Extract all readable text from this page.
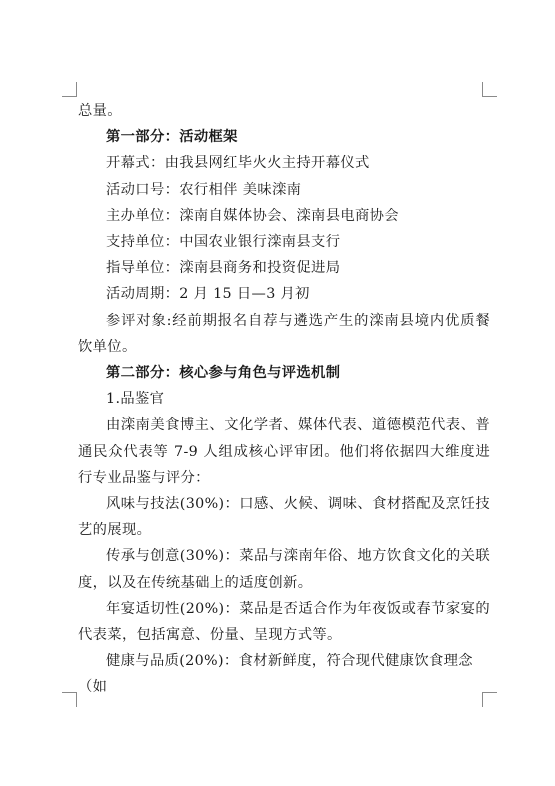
总量。

第一部分：活动框架

开幕式：由我县网红毕火火主持开幕仪式

活动口号：农行相伴 美味滦南

主办单位：滦南自媒体协会、滦南县电商协会

支持单位：中国农业银行滦南县支行

指导单位：滦南县商务和投资促进局

活动周期：2 月 15 日—3 月初

参评对象:经前期报名自荐与遴选产生的滦南县境内优质餐饮单位。

第二部分：核心参与角色与评选机制

1.品鉴官

由滦南美食博主、文化学者、媒体代表、道德模范代表、普通民众代表等 7-9 人组成核心评审团。他们将依据四大维度进行专业品鉴与评分：

风味与技法(30%)：口感、火候、调味、食材搭配及烹饪技艺的展现。

传承与创意(30%)：菜品与滦南年俗、地方饮食文化的关联度，以及在传统基础上的适度创新。

年宴适切性(20%)：菜品是否适合作为年夜饭或春节家宴的代表菜，包括寓意、份量、呈现方式等。

健康与品质(20%)：食材新鲜度，符合现代健康饮食理念（如
